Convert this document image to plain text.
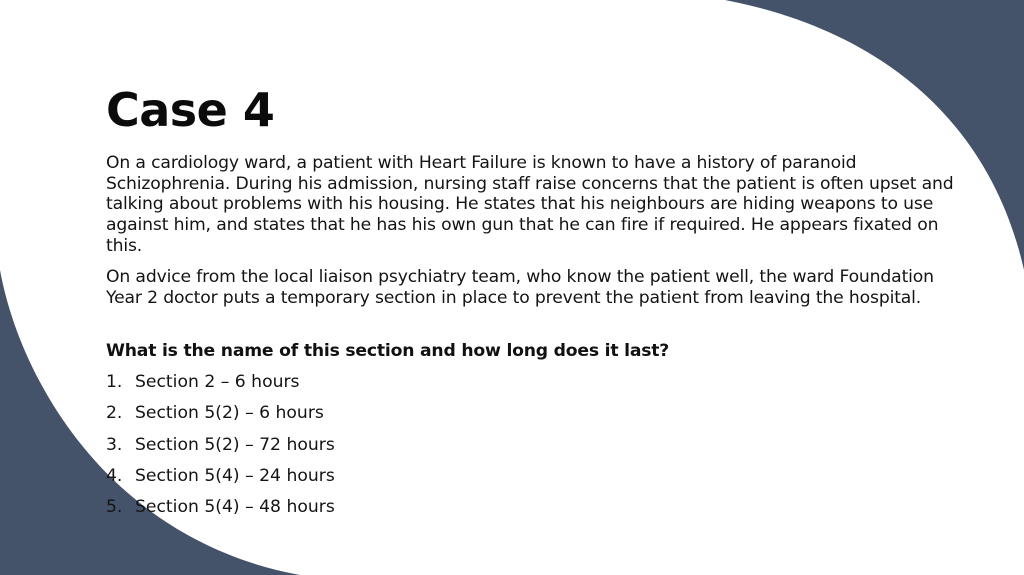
Case 4

On a cardiology ward, a patient with Heart Failure is known to have a history of paranoid Schizophrenia. During his admission, nursing staff raise concerns that the patient is often upset and talking about problems with his housing. He states that his neighbours are hiding weapons to use against him, and states that he has his own gun that he can fire if required. He appears fixated on this.

On advice from the local liaison psychiatry team, who know the patient well, the ward Foundation Year 2 doctor puts a temporary section in place to prevent the patient from leaving the hospital.

What is the name of this section and how long does it last?

1. Section 2 – 6 hours
2. Section 5(2) – 6 hours
3. Section 5(2) – 72 hours
4. Section 5(4) – 24 hours
5. Section 5(4) – 48 hours
